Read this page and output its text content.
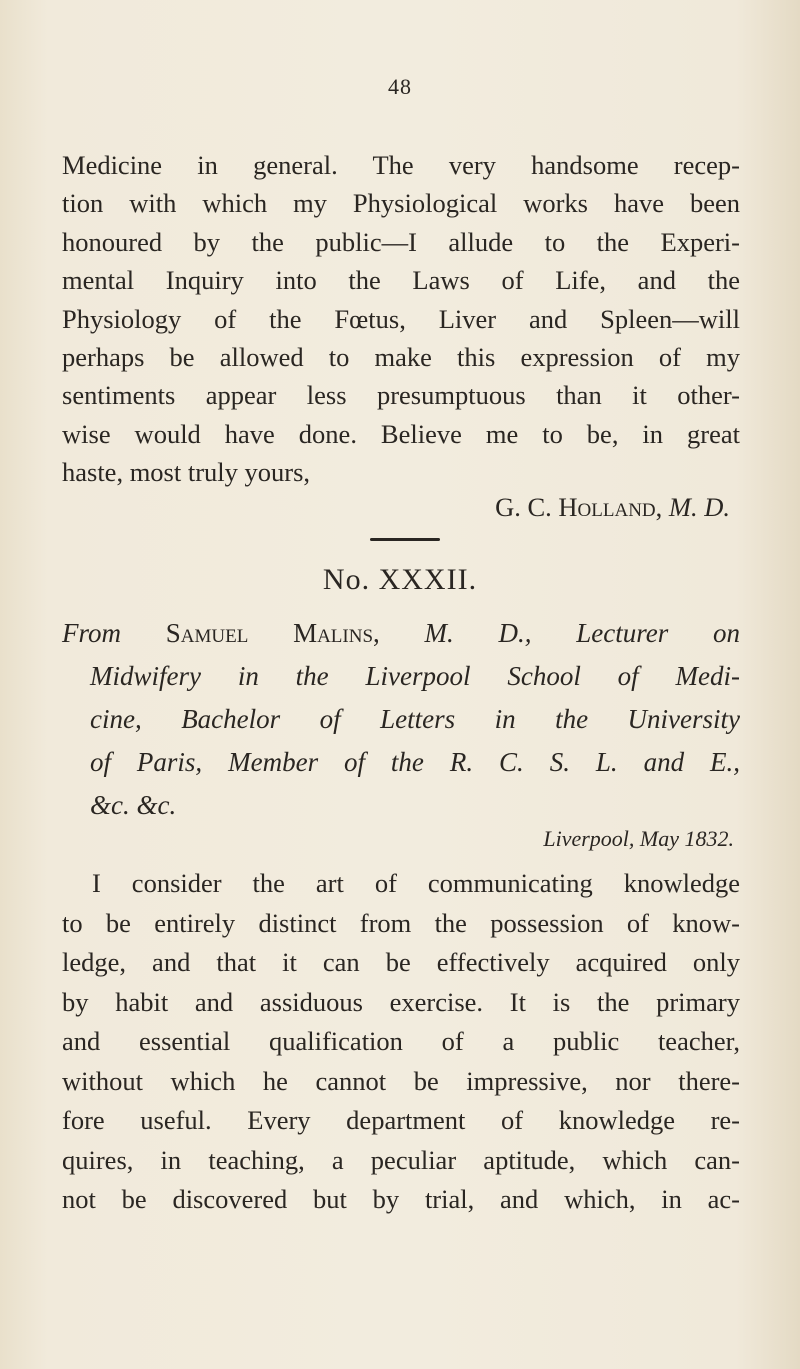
48
Medicine in general. The very handsome recep-
tion with which my Physiological works have been
honoured by the public—I allude to the Experi-
mental Inquiry into the Laws of Life, and the
Physiology of the Fœtus, Liver and Spleen—will
perhaps be allowed to make this expression of my
sentiments appear less presumptuous than it other-
wise would have done. Believe me to be, in great
haste, most truly yours,
G. C. Holland, M. D.
No. XXXII.
From Samuel Malins, M. D., Lecturer on
Midwifery in the Liverpool School of Medi-
cine, Bachelor of Letters in the University
of Paris, Member of the R. C. S. L. and E.,
&c. &c.
Liverpool, May 1832.
I consider the art of communicating knowledge
to be entirely distinct from the possession of know-
ledge, and that it can be effectively acquired only
by habit and assiduous exercise. It is the primary
and essential qualification of a public teacher,
without which he cannot be impressive, nor there-
fore useful. Every department of knowledge re-
quires, in teaching, a peculiar aptitude, which can-
not be discovered but by trial, and which, in ac-
